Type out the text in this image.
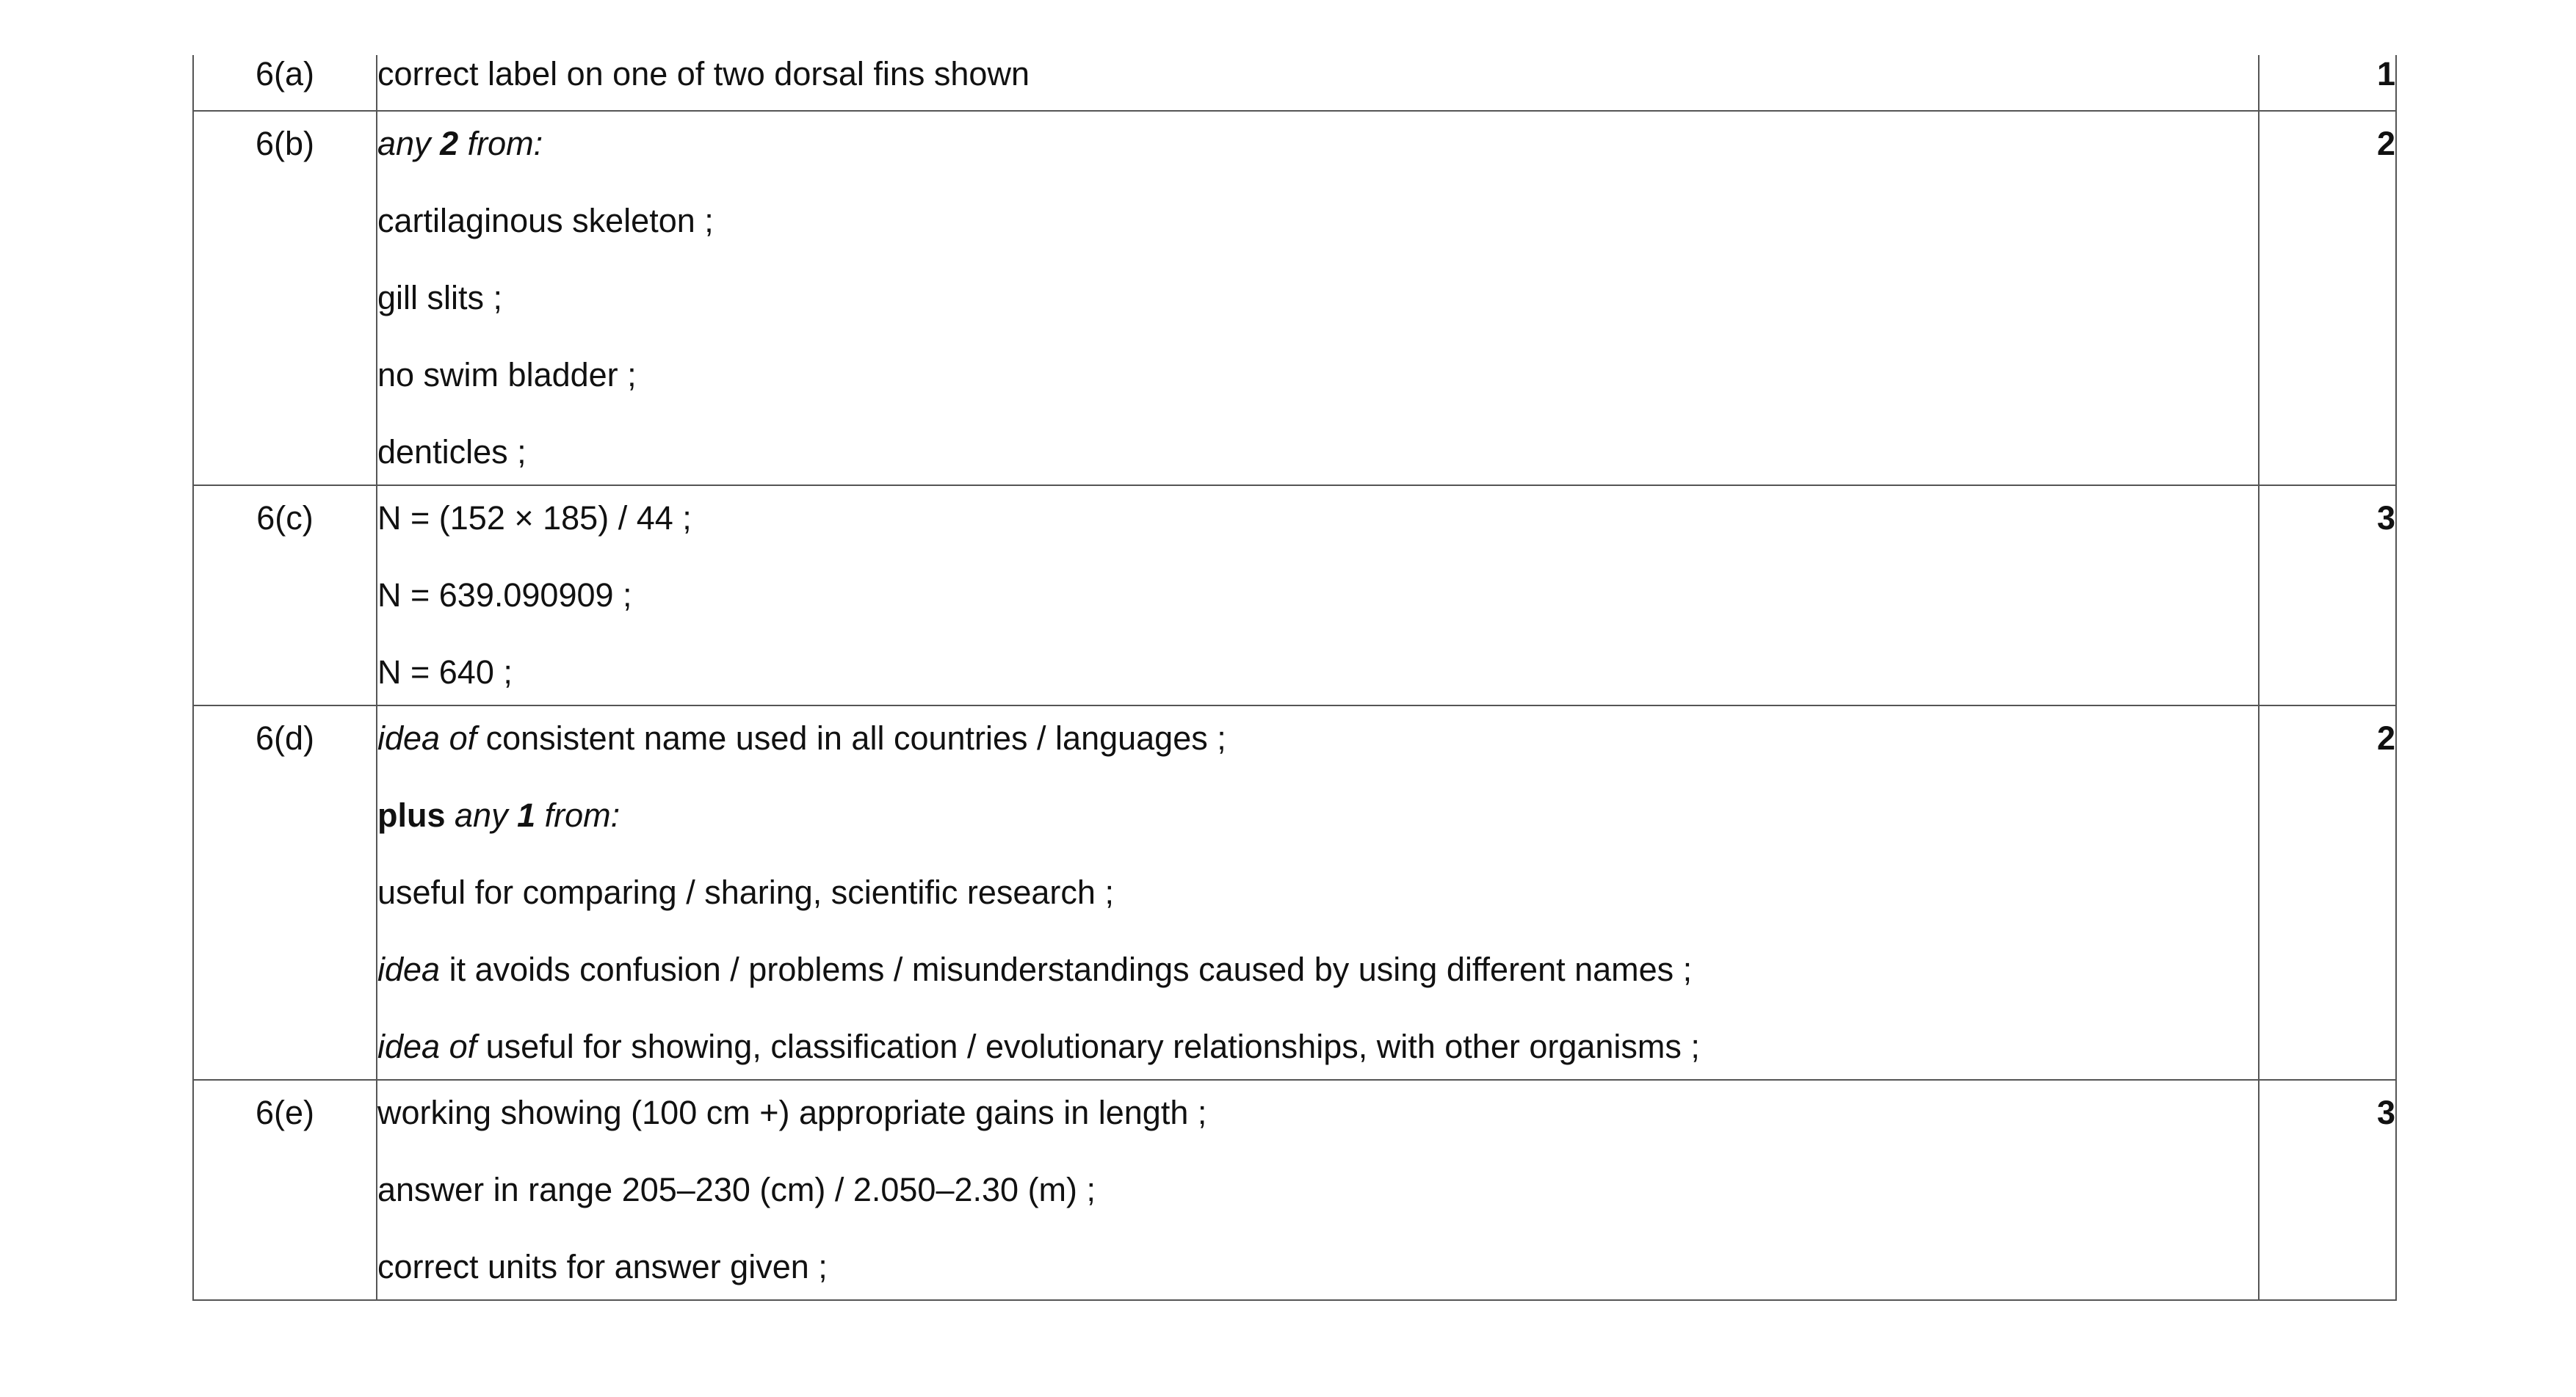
6(a)	correct label on one of two dorsal fins shown	1

6(b)	any 2 from:
cartilaginous skeleton ;
gill slits ;
no swim bladder ;
denticles ;	2

6(c)	N = (152 × 185) / 44 ;
N = 639.090909 ;
N = 640 ;	3

6(d)	idea of consistent name used in all countries / languages ;
plus any 1 from:
useful for comparing / sharing, scientific research ;
idea it avoids confusion / problems / misunderstandings caused by using different names ;
idea of useful for showing, classification / evolutionary relationships, with other organisms ;	2

6(e)	working showing (100 cm +) appropriate gains in length ;
answer in range 205–230 (cm) / 2.050–2.30 (m) ;
correct units for answer given ;	3
